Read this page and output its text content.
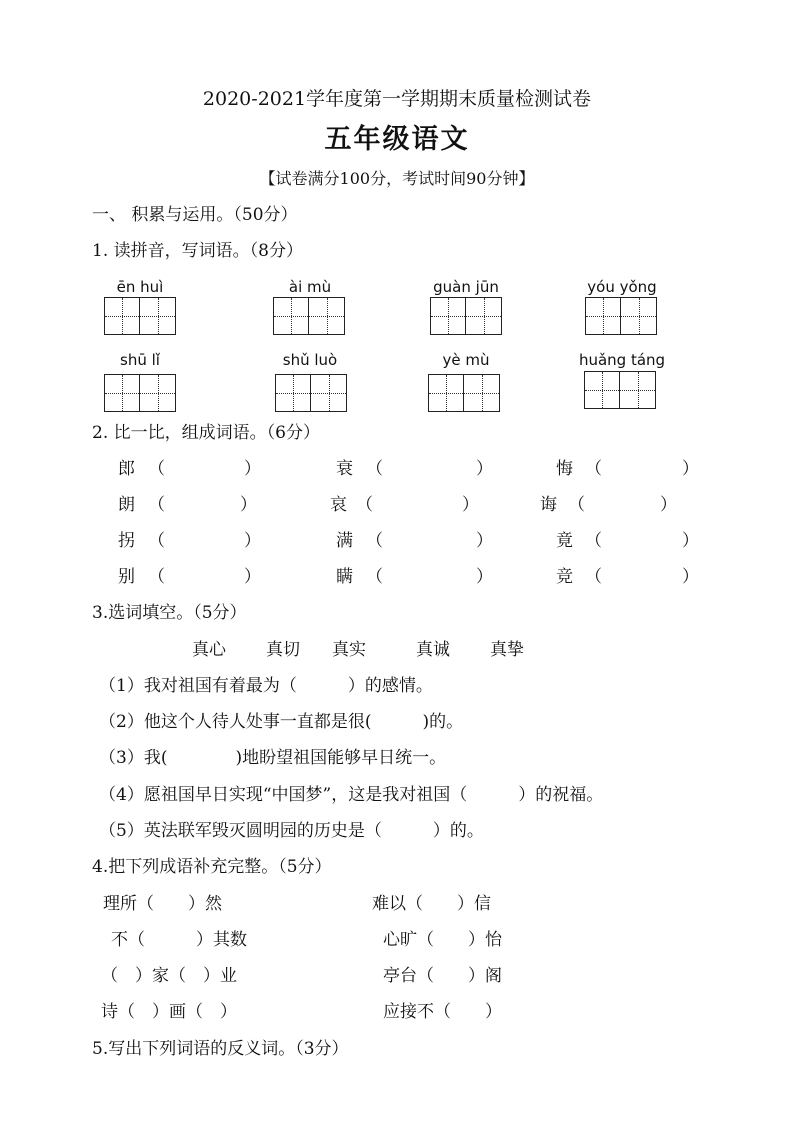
2020-2021学年度第一学期期末质量检测试卷
五年级语文
【试卷满分100分，考试时间90分钟】
一、 积累与运用。（50分）
1. 读拼音，写词语。（8分）
ēn huì	ài mù	guàn jūn	yóu yǒng
shū lǐ	shǔ luò	yè mù	huǎng táng
2. 比一比，组成词语。（6分）
郎 （	）	衰 （	）	悔 （	）
朗 （	）	哀 （	）	诲 （	）
拐 （	）	满 （	）	竟 （	）
别 （	）	瞒 （	）	竞 （	）
3.选词填空。（5分）
真心 真切 真实	真诚 真挚
（1）我对祖国有着最为（　　　）的感情。
（2）他这个人待人处事一直都是很(　　　)的。
（3）我(　　　　)地盼望祖国能够早日统一。
（4）愿祖国早日实现“中国梦”，这是我对祖国（　　　）的祝福。
（5）英法联军毁灭圆明园的历史是（　　　）的。
4.把下列成语补充完整。（5分）
理所（　　）然	难以（　　）信
不（　　　）其数	心旷（　　）怡
（　）家（　）业	亭台（　　）阁
诗（　）画（　）	应接不（　　）
5.写出下列词语的反义词。（3分）
